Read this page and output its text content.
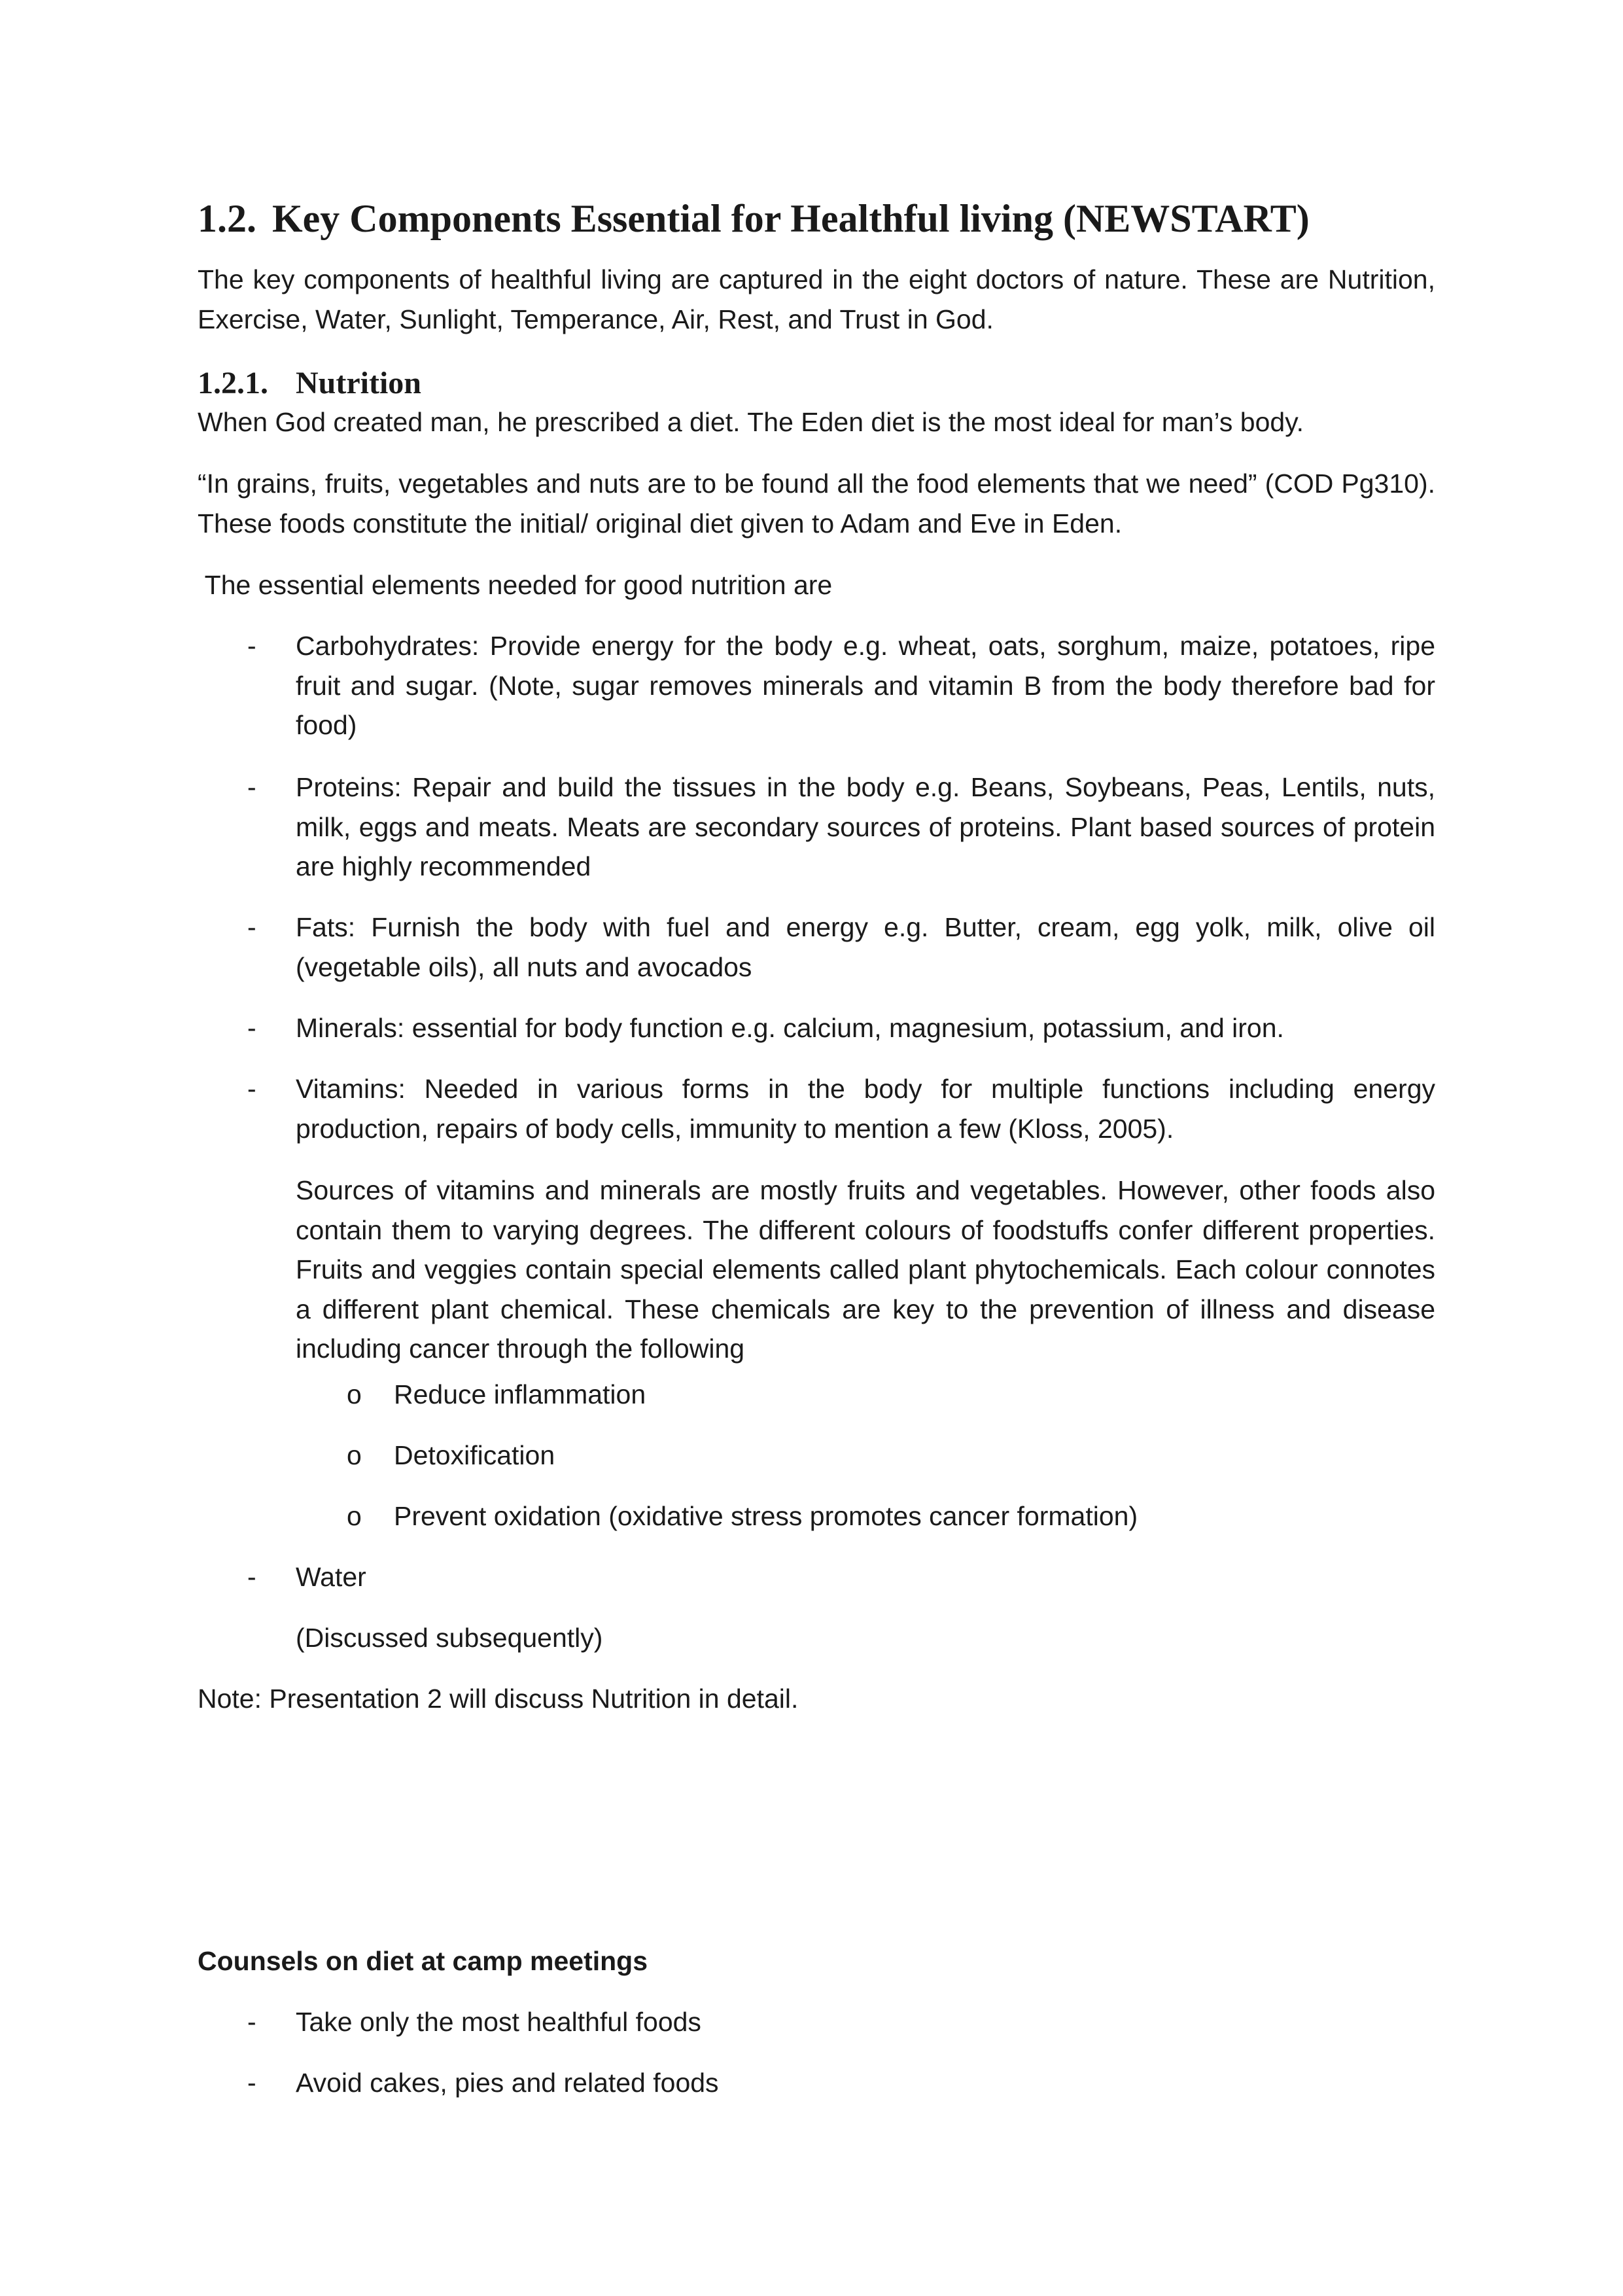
1.2. Key Components Essential for Healthful living (NEWSTART)

The key components of healthful living are captured in the eight doctors of nature. These are Nutrition, Exercise, Water, Sunlight, Temperance, Air, Rest, and Trust in God.

1.2.1. Nutrition

When God created man, he prescribed a diet. The Eden diet is the most ideal for man’s body.

“In grains, fruits, vegetables and nuts are to be found all the food elements that we need” (COD Pg310). These foods constitute the initial/ original diet given to Adam and Eve in Eden.

The essential elements needed for good nutrition are

- Carbohydrates: Provide energy for the body e.g. wheat, oats, sorghum, maize, potatoes, ripe fruit and sugar. (Note, sugar removes minerals and vitamin B from the body therefore bad for food)

- Proteins: Repair and build the tissues in the body e.g. Beans, Soybeans, Peas, Lentils, nuts, milk, eggs and meats. Meats are secondary sources of proteins. Plant based sources of protein are highly recommended

- Fats: Furnish the body with fuel and energy e.g. Butter, cream, egg yolk, milk, olive oil (vegetable oils), all nuts and avocados

- Minerals: essential for body function e.g. calcium, magnesium, potassium, and iron.

- Vitamins: Needed in various forms in the body for multiple functions including energy production, repairs of body cells, immunity to mention a few (Kloss, 2005).

Sources of vitamins and minerals are mostly fruits and vegetables. However, other foods also contain them to varying degrees. The different colours of foodstuffs confer different properties. Fruits and veggies contain special elements called plant phytochemicals. Each colour connotes a different plant chemical. These chemicals are key to the prevention of illness and disease including cancer through the following

o Reduce inflammation

o Detoxification

o Prevent oxidation (oxidative stress promotes cancer formation)

- Water

(Discussed subsequently)

Note: Presentation 2 will discuss Nutrition in detail.

Counsels on diet at camp meetings

- Take only the most healthful foods

- Avoid cakes, pies and related foods
